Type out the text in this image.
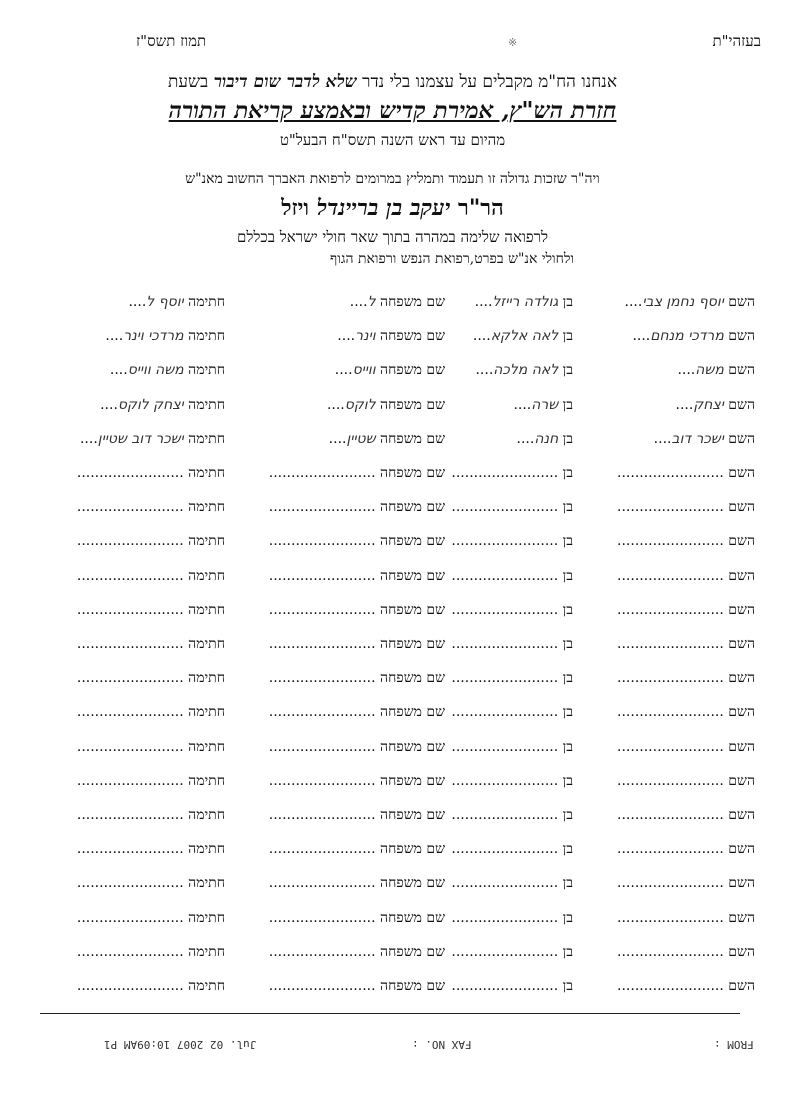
תמוז תשס"ז	בעזהי"ת
※
אנחנו הח"מ מקבלים על עצמנו בלי נדר שלא לדבר שום דיבור בשעת
חזרת הש"ץ, אמירת קדיש ובאמצע קריאת התורה
מהיום עד ראש השנה תשס"ח הבעל"ט
ויה"ר שזכות גדולה זו תעמוד ותמליץ במרומים לרפואת האברך החשוב מאנ"ש
הר"ר יעקב בן ברײנדל ויזל
לרפואה שלימה במהרה בתוך שאר חולי ישראל בכללם
ולחולי אנ"ש בפרט,רפואת הנפש ורפואת הגוף
השם יוסף נחמן צבי....
בן גולדה רייזל....
שם משפחה ל....
חתימה יוסף ל....
השם מרדכי מנחם....
בן לאה אלקא....
שם משפחה וינר....
חתימה מרדכי וינר....
השם משה....
בן לאה מלכה....
שם משפחה ווייס....
חתימה משה ווייס....
השם יצחק....
בן שרה....
שם משפחה לוקס....
חתימה יצחק לוקס....
השם ישכר דוב....
בן חנה....
שם משפחה שטיין....
חתימה ישכר דוב שטיין....
השם ........................
בן ........................
שם משפחה ........................
חתימה ........................
השם ........................
בן ........................
שם משפחה ........................
חתימה ........................
השם ........................
בן ........................
שם משפחה ........................
חתימה ........................
השם ........................
בן ........................
שם משפחה ........................
חתימה ........................
השם ........................
בן ........................
שם משפחה ........................
חתימה ........................
השם ........................
בן ........................
שם משפחה ........................
חתימה ........................
השם ........................
בן ........................
שם משפחה ........................
חתימה ........................
השם ........................
בן ........................
שם משפחה ........................
חתימה ........................
השם ........................
בן ........................
שם משפחה ........................
חתימה ........................
השם ........................
בן ........................
שם משפחה ........................
חתימה ........................
השם ........................
בן ........................
שם משפחה ........................
חתימה ........................
השם ........................
בן ........................
שם משפחה ........................
חתימה ........................
השם ........................
בן ........................
שם משפחה ........................
חתימה ........................
השם ........................
בן ........................
שם משפחה ........................
חתימה ........................
השם ........................
בן ........................
שם משפחה ........................
חתימה ........................
השם ........................
בן ........................
שם משפחה ........................
חתימה ........................
FROM :
FAX NO. :
Jul. 02 2007 10:09AM P1
